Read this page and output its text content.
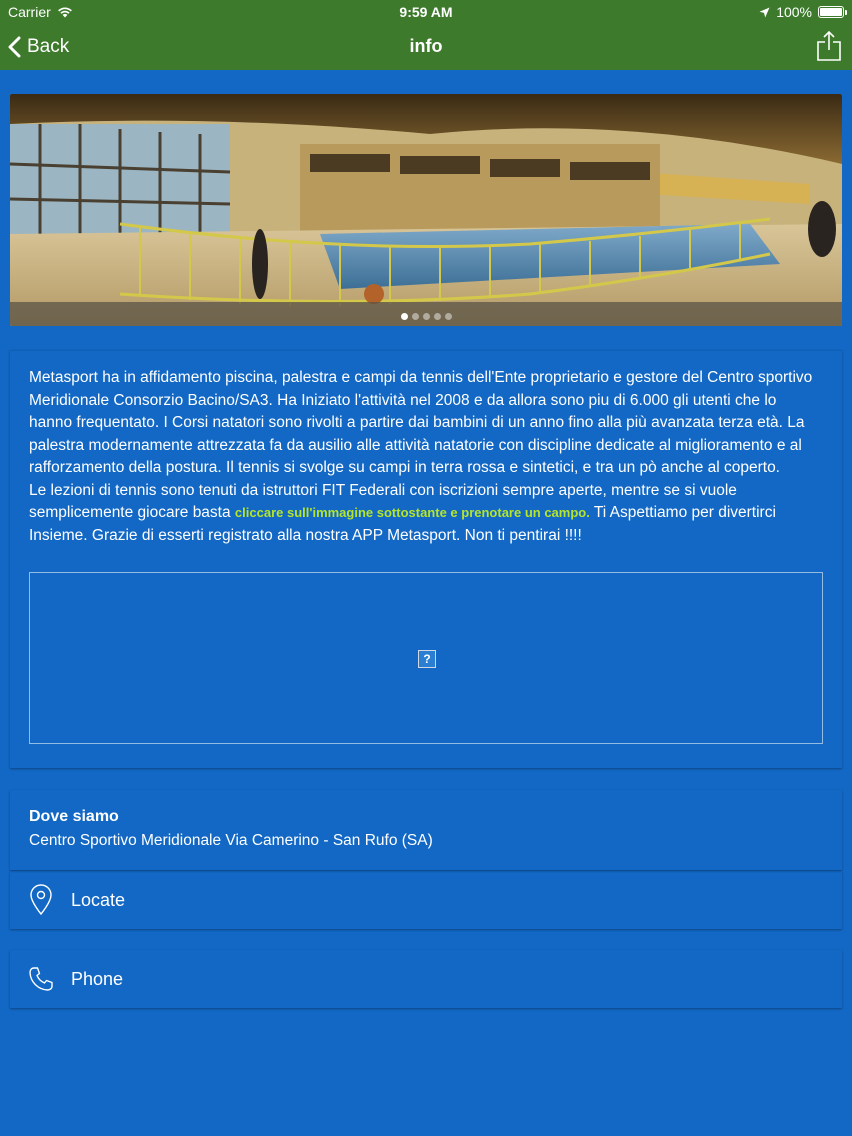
Carrier	9:59 AM	100%
Back	info

Metasport ha in affidamento piscina, palestra e campi da tennis dell'Ente proprietario e gestore del Centro sportivo Meridionale Consorzio Bacino/SA3. Ha Iniziato l'attività nel 2008 e da allora sono piu di 6.000 gli utenti che lo hanno frequentato. I Corsi natatori sono rivolti a partire dai bambini di un anno fino alla più avanzata terza età. La palestra modernamente attrezzata fa da ausilio alle attività natatorie con discipline dedicate al miglioramento e al rafforzamento della postura. Il tennis si svolge su campi in terra rossa e sintetici, e tra un pò anche al coperto.

Le lezioni di tennis sono tenuti da istruttori FIT Federali con iscrizioni sempre aperte, mentre se si vuole semplicemente giocare basta cliccare sull'immagine sottostante e prenotare un campo. Ti Aspettiamo per divertirci Insieme. Grazie di esserti registrato alla nostra APP Metasport. Non ti pentirai !!!!

?
Dove siamo
Centro Sportivo Meridionale Via Camerino - San Rufo (SA)
Locate
Phone
